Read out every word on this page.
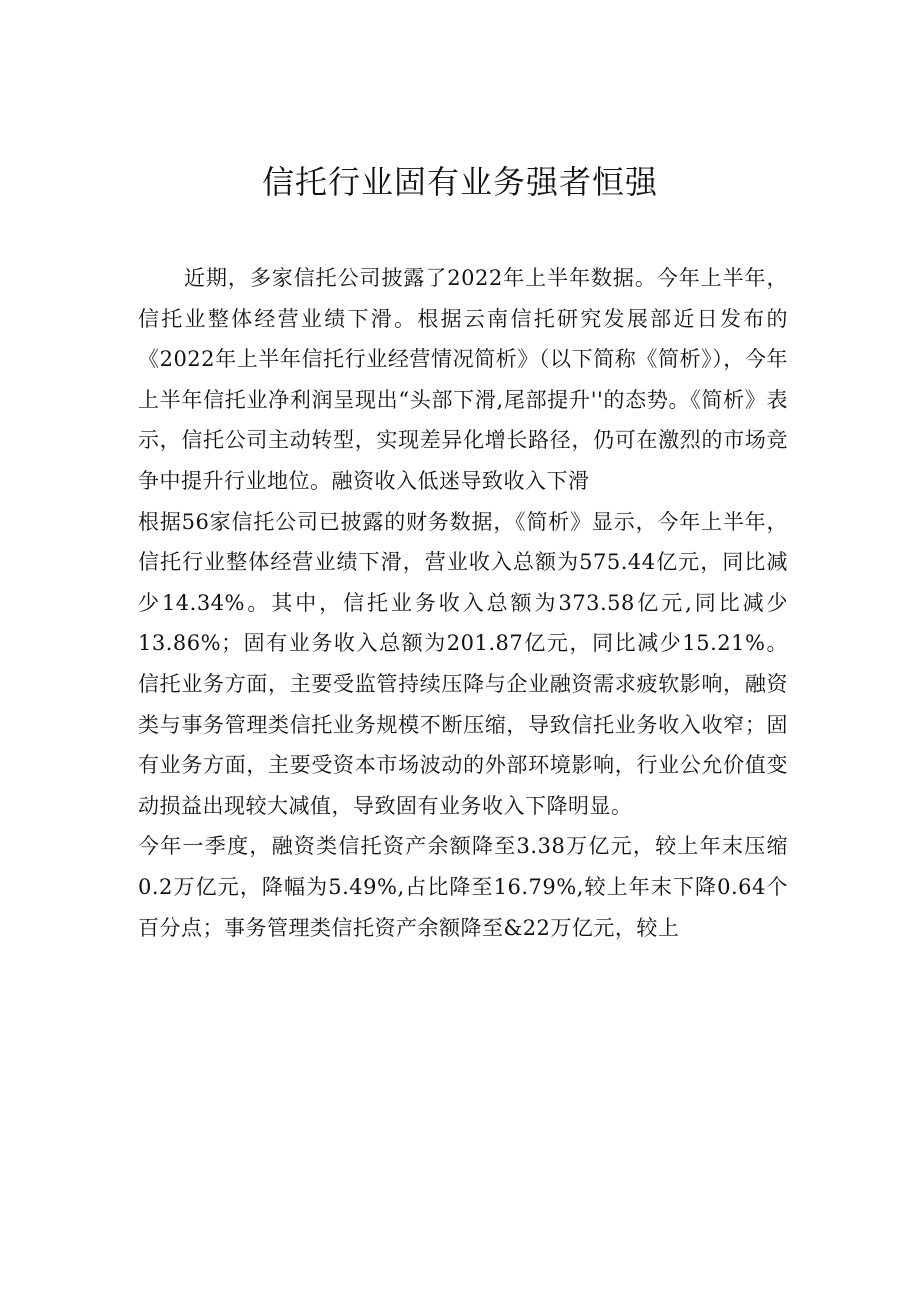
信托行业固有业务强者恒强

近期，多家信托公司披露了2022年上半年数据。今年上半年，信托业整体经营业绩下滑。根据云南信托研究发展部近日发布的《2022年上半年信托行业经营情况简析》（以下简称《简析》），今年上半年信托业净利润呈现出“头部下滑,尾部提升''的态势。《简析》表示，信托公司主动转型，实现差异化增长路径，仍可在激烈的市场竞争中提升行业地位。融资收入低迷导致收入下滑

根据56家信托公司已披露的财务数据，《简析》显示，今年上半年，信托行业整体经营业绩下滑，营业收入总额为575.44亿元，同比减少14.34%。其中，信托业务收入总额为373.58亿元,同比减少13.86%；固有业务收入总额为201.87亿元，同比减少15.21%。信托业务方面，主要受监管持续压降与企业融资需求疲软影响，融资类与事务管理类信托业务规模不断压缩，导致信托业务收入收窄；固有业务方面，主要受资本市场波动的外部环境影响，行业公允价值变动损益出现较大减值，导致固有业务收入下降明显。

今年一季度，融资类信托资产余额降至3.38万亿元，较上年末压缩0.2万亿元，降幅为5.49%,占比降至16.79%,较上年末下降0.64个百分点；事务管理类信托资产余额降至&22万亿元，较上
